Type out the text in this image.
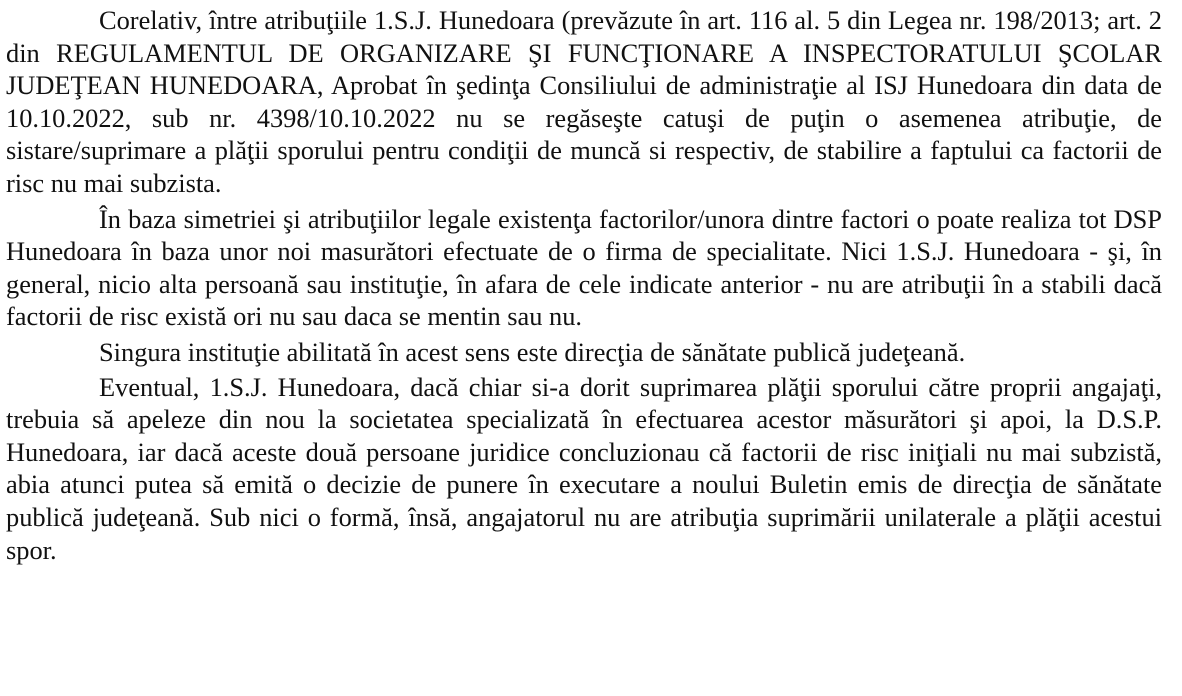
Corelativ, între atribuţiile 1.S.J. Hunedoara (prevăzute în art. 116 al. 5 din Legea nr. 198/2013; art. 2 din REGULAMENTUL DE ORGANIZARE ŞI FUNCŢIONARE A INSPECTORATULUI ŞCOLAR JUDEŢEAN HUNEDOARA, Aprobat în şedinţa Consiliului de administraţie al ISJ Hunedoara din data de 10.10.2022, sub nr. 4398/10.10.2022 nu se regăseşte catuşi de puţin o asemenea atribuţie, de sistare/suprimare a plăţii sporului pentru condiţii de muncă si respectiv, de stabilire a faptului ca factorii de risc nu mai subzista.

În baza simetriei şi atribuţiilor legale existenţa factorilor/unora dintre factori o poate realiza tot DSP Hunedoara în baza unor noi masurători efectuate de o firma de specialitate. Nici 1.S.J. Hunedoara - şi, în general, nicio alta persoană sau instituţie, în afara de cele indicate anterior - nu are atribuţii în a stabili dacă factorii de risc există ori nu sau daca se mentin sau nu.

Singura instituţie abilitată în acest sens este direcţia de sănătate publică judeţeană.

Eventual, 1.S.J. Hunedoara, dacă chiar si-a dorit suprimarea plăţii sporului către proprii angajaţi, trebuia să apeleze din nou la societatea specializată în efectuarea acestor măsurători şi apoi, la D.S.P. Hunedoara, iar dacă aceste două persoane juridice concluzionau că factorii de risc iniţiali nu mai subzistă, abia atunci putea să emită o decizie de punere în executare a noului Buletin emis de direcţia de sănătate publică judeţeană. Sub nici o formă, însă, angajatorul nu are atribuţia suprimării unilaterale a plăţii acestui spor.
